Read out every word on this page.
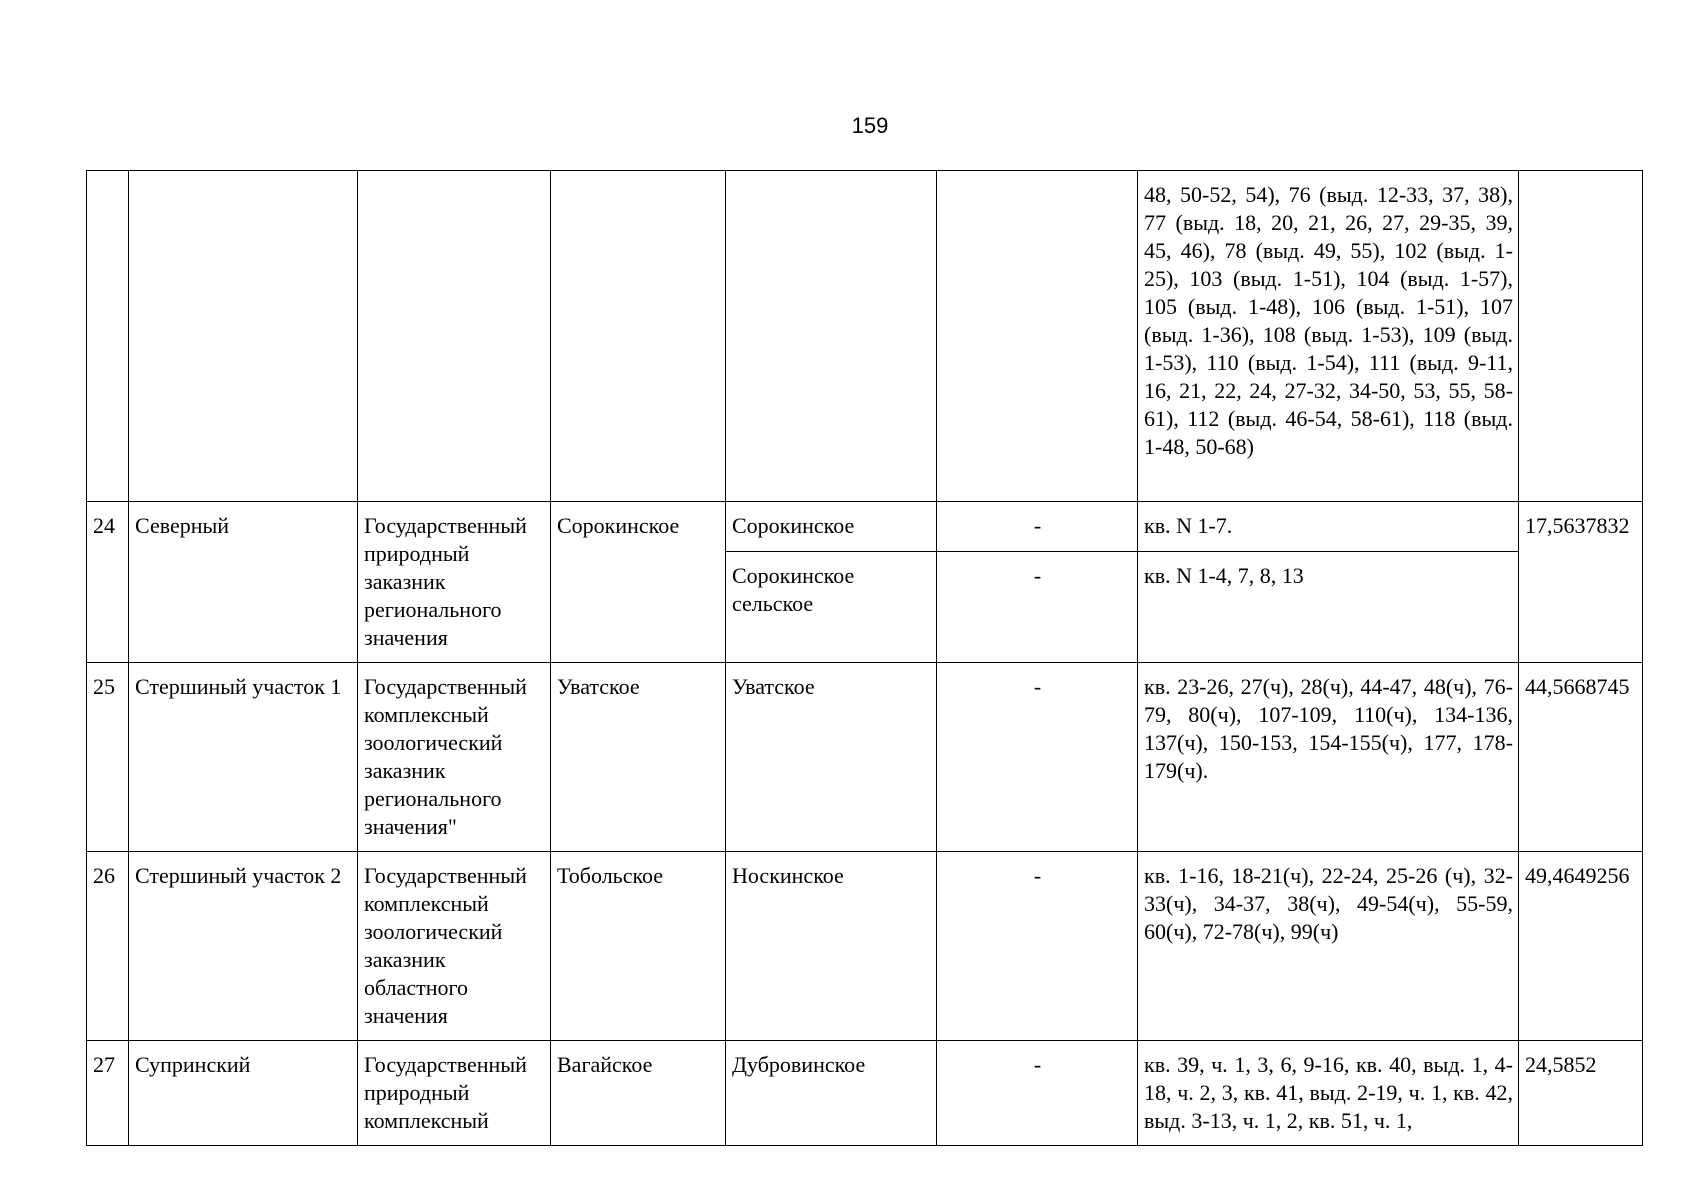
159
						48, 50-52, 54), 76 (выд. 12-33, 37, 38), 77 (выд. 18, 20, 21, 26, 27, 29-35, 39, 45, 46), 78 (выд. 49, 55), 102 (выд. 1-25), 103 (выд. 1-51), 104 (выд. 1-57), 105 (выд. 1-48), 106 (выд. 1-51), 107 (выд. 1-36), 108 (выд. 1-53), 109 (выд. 1-53), 110 (выд. 1-54), 111 (выд. 9-11, 16, 21, 22, 24, 27-32, 34-50, 53, 55, 58-61), 112 (выд. 46-54, 58-61), 118 (выд. 1-48, 50-68)	
24	Северный	Государственный природный заказник регионального значения	Сорокинское	Сорокинское	-	кв. N 1-7.	17,5637832
				Сорокинское сельское	-	кв. N 1-4, 7, 8, 13	
25	Стершиный участок 1	Государственный комплексный зоологический заказник регионального значения"	Уватское	Уватское	-	кв. 23-26, 27(ч), 28(ч), 44-47, 48(ч), 76-79, 80(ч), 107-109, 110(ч), 134-136, 137(ч), 150-153, 154-155(ч), 177, 178-179(ч).	44,5668745
26	Стершиный участок 2	Государственный комплексный зоологический заказник областного значения	Тобольское	Носкинское	-	кв. 1-16, 18-21(ч), 22-24, 25-26 (ч), 32-33(ч), 34-37, 38(ч), 49-54(ч), 55-59, 60(ч), 72-78(ч), 99(ч)	49,4649256
27	Супринский	Государственный природный комплексный	Вагайское	Дубровинское	-	кв. 39, ч. 1, 3, 6, 9-16, кв. 40, выд. 1, 4-18, ч. 2, 3, кв. 41, выд. 2-19, ч. 1, кв. 42, выд. 3-13, ч. 1, 2, кв. 51, ч. 1,	24,5852
